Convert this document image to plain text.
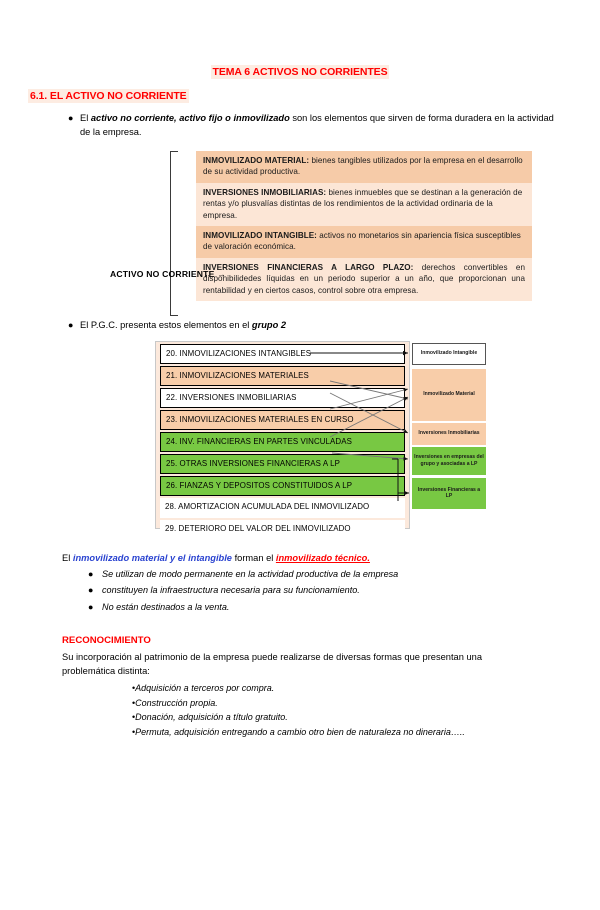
TEMA 6 ACTIVOS NO CORRIENTES
6.1. EL ACTIVO NO CORRIENTE
● El activo no corriente, activo fijo o inmovilizado son los elementos que sirven de forma duradera en la actividad de la empresa.
INMOVILIZADO MATERIAL: bienes tangibles utilizados por la empresa en el desarrollo de su actividad productiva.
INVERSIONES INMOBILIARIAS: bienes inmuebles que se destinan a la generación de rentas y/o plusvalías distintas de los rendimientos de la actividad ordinaria de la empresa.
INMOVILIZADO INTANGIBLE: activos no monetarios sin apariencia física susceptibles de valoración económica.
INVERSIONES FINANCIERAS A LARGO PLAZO: derechos convertibles en disponibilidedes líquidas en un periodo superior a un año, que proporcionan una rentabilidad y en ciertos casos, control sobre otra empresa.
ACTIVO NO CORRIENTE →
● El P.G.C. presenta estos elementos en el grupo 2
20. INMOVILIZACIONES INTANGIBLES
21. INMOVILIZACIONES MATERIALES
22. INVERSIONES INMOBILIARIAS
23. INMOVILIZACIONES MATERIALES EN CURSO
24. INV. FINANCIERAS EN PARTES VINCULADAS
25. OTRAS INVERSIONES FINANCIERAS A LP
26. FIANZAS Y DEPOSITOS CONSTITUIDOS A LP
28. AMORTIZACION ACUMULADA DEL INMOVILIZADO
29. DETERIORO DEL VALOR DEL INMOVILIZADO
Inmovilizado Intangible
Inmovilizado Material
Inversiones Inmobiliarias
Inversiones en empresas del grupo y asociadas a LP
Inversiones Financieras a LP
El inmovilizado material y el intangible forman el inmovilizado técnico.
● Se utilizan de modo permanente en la actividad productiva de la empresa
● constituyen la infraestructura necesaria para su funcionamiento.
● No están destinados a la venta.
RECONOCIMIENTO
Su incorporación al patrimonio de la empresa puede realizarse de diversas formas que presentan una problemática distinta:
•Adquisición a terceros por compra.
•Construcción propia.
•Donación, adquisición a título gratuito.
•Permuta, adquisición entregando a cambio otro bien de naturaleza no dineraria…..
